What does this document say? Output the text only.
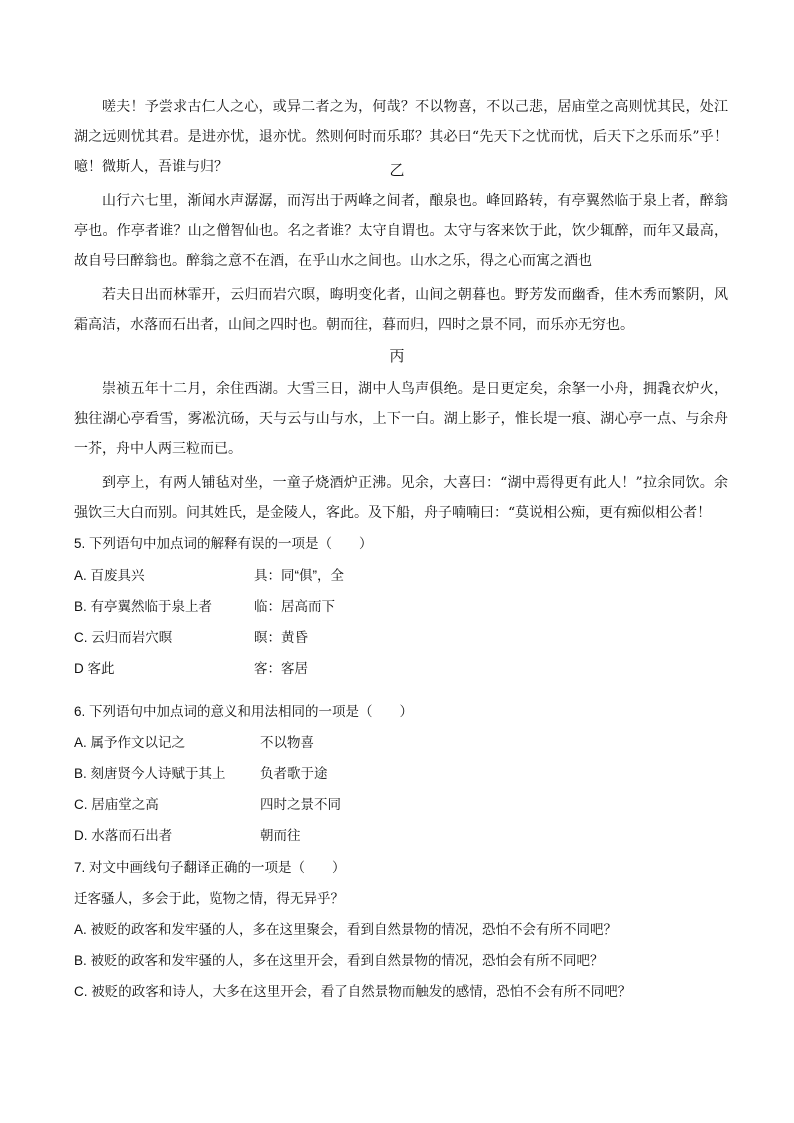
嗟夫！予尝求古仁人之心，或异二者之为，何哉？不以物喜，不以己悲，居庙堂之高则忧其民，处江湖之远则忧其君。是进亦忧，退亦忧。然则何时而乐耶？其必曰“先天下之忧而忧，后天下之乐而乐”乎！噫！微斯人，吾谁与归？	乙

山行六七里，渐闻水声潺潺，而泻出于两峰之间者，酿泉也。峰回路转，有亭翼然临于泉上者，醉翁亭也。作亭者谁？山之僧智仙也。名之者谁？太守自谓也。太守与客来饮于此，饮少辄醉，而年又最高，故自号曰醉翁也。醉翁之意不在酒，在乎山水之间也。山水之乐，得之心而寓之酒也

若夫日出而林霏开，云归而岩穴暝，晦明变化者，山间之朝暮也。野芳发而幽香，佳木秀而繁阴，风霜高洁，水落而石出者，山间之四时也。朝而往，暮而归，四时之景不同，而乐亦无穷也。

丙

崇祯五年十二月，余住西湖。大雪三日，湖中人鸟声俱绝。是日更定矣，余拏一小舟，拥毳衣炉火，独往湖心亭看雪，雾凇沆砀，天与云与山与水，上下一白。湖上影子，惟长堤一痕、湖心亭一点、与余舟一芥，舟中人两三粒而已。

到亭上，有两人铺毡对坐，一童子烧酒炉正沸。见余，大喜曰：“湖中焉得更有此人！”拉余同饮。余强饮三大白而别。问其姓氏，是金陵人，客此。及下船，舟子喃喃曰：“莫说相公痴，更有痴似相公者！

5. 下列语句中加点词的解释有误的一项是（　　）

A. 百废具兴	具：同“俱”，全
B. 有亭翼然临于泉上者	临：居高而下
C. 云归而岩穴暝	暝：黄昏
D 客此	客：客居

6. 下列语句中加点词的意义和用法相同的一项是（　　）

A. 属予作文以记之	不以物喜
B. 刻唐贤今人诗赋于其上	负者歌于途
C. 居庙堂之高	四时之景不同
D. 水落而石出者	朝而往

7. 对文中画线句子翻译正确的一项是（　　）

迁客骚人，多会于此，览物之情，得无异乎？

A. 被贬的政客和发牢骚的人，多在这里聚会，看到自然景物的情况，恐怕不会有所不同吧？

B. 被贬的政客和发牢骚的人，多在这里开会，看到自然景物的情况，恐怕会有所不同吧？

C. 被贬的政客和诗人，大多在这里开会，看了自然景物而触发的感情，恐怕不会有所不同吧？
